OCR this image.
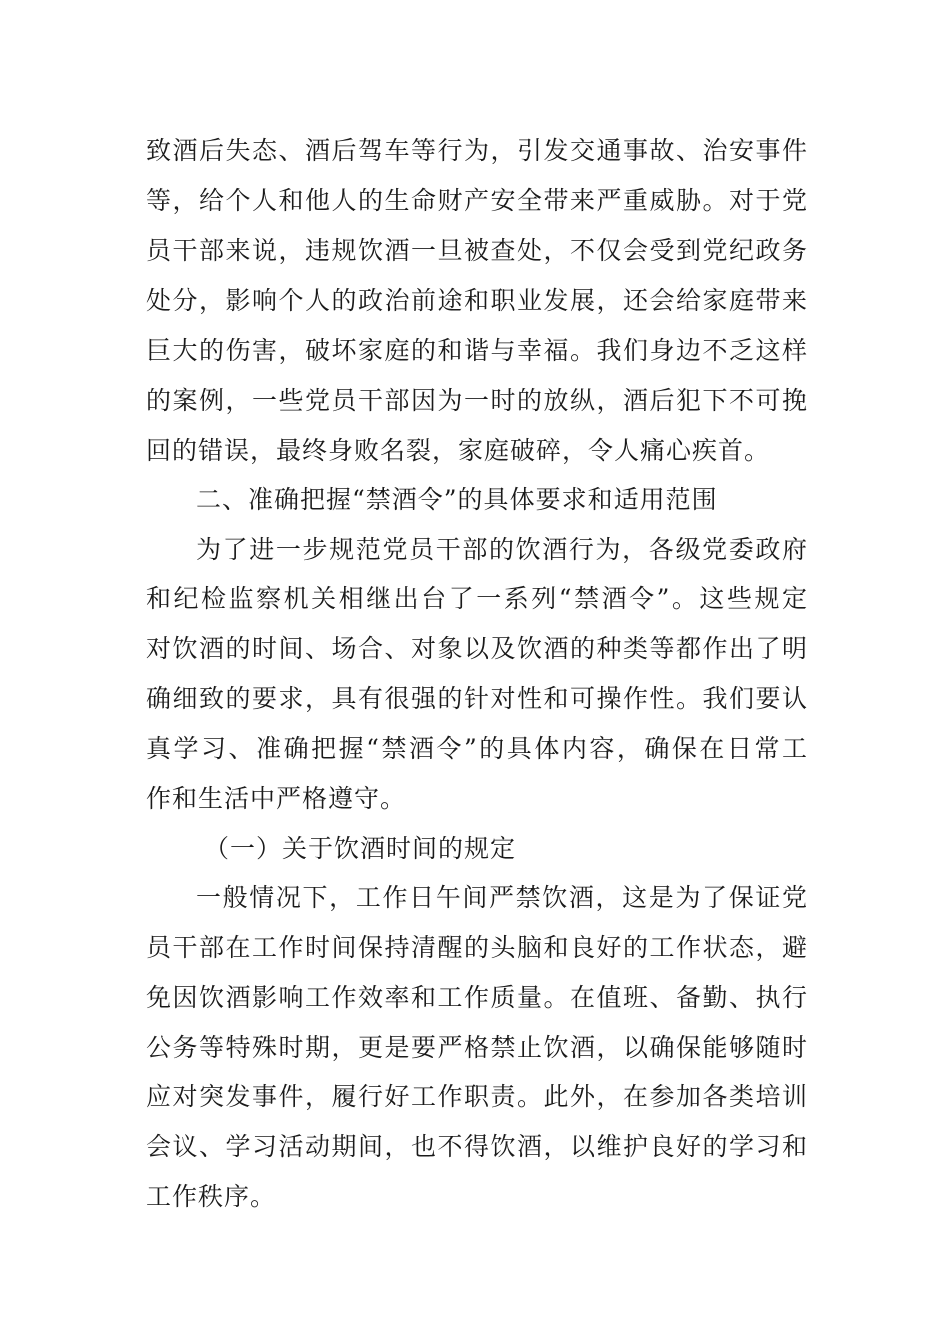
致酒后失态、酒后驾车等行为，引发交通事故、治安事件
等，给个人和他人的生命财产安全带来严重威胁。对于党
员干部来说，违规饮酒一旦被查处，不仅会受到党纪政务
处分，影响个人的政治前途和职业发展，还会给家庭带来
巨大的伤害，破坏家庭的和谐与幸福。我们身边不乏这样
的案例，一些党员干部因为一时的放纵，酒后犯下不可挽
回的错误，最终身败名裂，家庭破碎，令人痛心疾首。
二、准确把握“禁酒令”的具体要求和适用范围
为了进一步规范党员干部的饮酒行为，各级党委政府
和纪检监察机关相继出台了一系列“禁酒令”。这些规定
对饮酒的时间、场合、对象以及饮酒的种类等都作出了明
确细致的要求，具有很强的针对性和可操作性。我们要认
真学习、准确把握“禁酒令”的具体内容，确保在日常工
作和生活中严格遵守。
（一）关于饮酒时间的规定
一般情况下，工作日午间严禁饮酒，这是为了保证党
员干部在工作时间保持清醒的头脑和良好的工作状态，避
免因饮酒影响工作效率和工作质量。在值班、备勤、执行
公务等特殊时期，更是要严格禁止饮酒，以确保能够随时
应对突发事件，履行好工作职责。此外，在参加各类培训
会议、学习活动期间，也不得饮酒，以维护良好的学习和
工作秩序。
